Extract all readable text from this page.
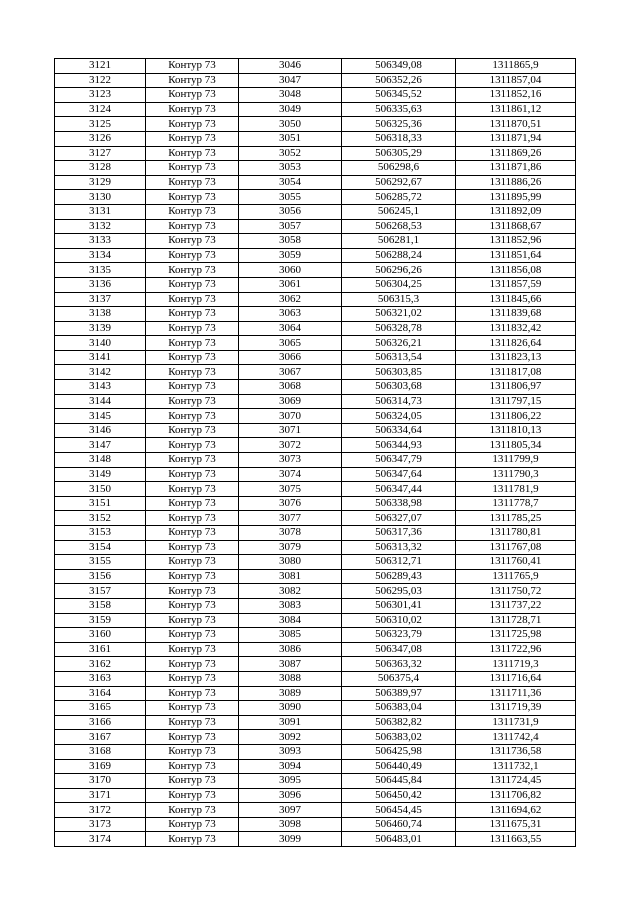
3121	Контур 73	3046	506349,08	1311865,9
3122	Контур 73	3047	506352,26	1311857,04
3123	Контур 73	3048	506345,52	1311852,16
3124	Контур 73	3049	506335,63	1311861,12
3125	Контур 73	3050	506325,36	1311870,51
3126	Контур 73	3051	506318,33	1311871,94
3127	Контур 73	3052	506305,29	1311869,26
3128	Контур 73	3053	506298,6	1311871,86
3129	Контур 73	3054	506292,67	1311886,26
3130	Контур 73	3055	506285,72	1311895,99
3131	Контур 73	3056	506245,1	1311892,09
3132	Контур 73	3057	506268,53	1311868,67
3133	Контур 73	3058	506281,1	1311852,96
3134	Контур 73	3059	506288,24	1311851,64
3135	Контур 73	3060	506296,26	1311856,08
3136	Контур 73	3061	506304,25	1311857,59
3137	Контур 73	3062	506315,3	1311845,66
3138	Контур 73	3063	506321,02	1311839,68
3139	Контур 73	3064	506328,78	1311832,42
3140	Контур 73	3065	506326,21	1311826,64
3141	Контур 73	3066	506313,54	1311823,13
3142	Контур 73	3067	506303,85	1311817,08
3143	Контур 73	3068	506303,68	1311806,97
3144	Контур 73	3069	506314,73	1311797,15
3145	Контур 73	3070	506324,05	1311806,22
3146	Контур 73	3071	506334,64	1311810,13
3147	Контур 73	3072	506344,93	1311805,34
3148	Контур 73	3073	506347,79	1311799,9
3149	Контур 73	3074	506347,64	1311790,3
3150	Контур 73	3075	506347,44	1311781,9
3151	Контур 73	3076	506338,98	1311778,7
3152	Контур 73	3077	506327,07	1311785,25
3153	Контур 73	3078	506317,36	1311780,81
3154	Контур 73	3079	506313,32	1311767,08
3155	Контур 73	3080	506312,71	1311760,41
3156	Контур 73	3081	506289,43	1311765,9
3157	Контур 73	3082	506295,03	1311750,72
3158	Контур 73	3083	506301,41	1311737,22
3159	Контур 73	3084	506310,02	1311728,71
3160	Контур 73	3085	506323,79	1311725,98
3161	Контур 73	3086	506347,08	1311722,96
3162	Контур 73	3087	506363,32	1311719,3
3163	Контур 73	3088	506375,4	1311716,64
3164	Контур 73	3089	506389,97	1311711,36
3165	Контур 73	3090	506383,04	1311719,39
3166	Контур 73	3091	506382,82	1311731,9
3167	Контур 73	3092	506383,02	1311742,4
3168	Контур 73	3093	506425,98	1311736,58
3169	Контур 73	3094	506440,49	1311732,1
3170	Контур 73	3095	506445,84	1311724,45
3171	Контур 73	3096	506450,42	1311706,82
3172	Контур 73	3097	506454,45	1311694,62
3173	Контур 73	3098	506460,74	1311675,31
3174	Контур 73	3099	506483,01	1311663,55
